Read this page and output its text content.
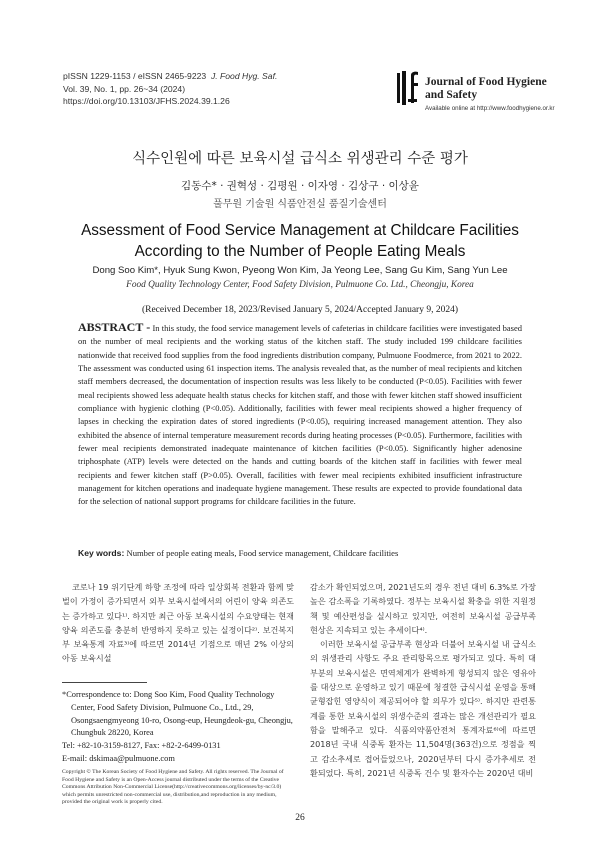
pISSN 1229-1153 / eISSN 2465-9223 J. Food Hyg. Saf.
Vol. 39, No. 1, pp. 26~34 (2024)
https://doi.org/10.13103/JFHS.2024.39.1.26
Journal of Food Hygiene
and Safety
Available online at http://www.foodhygiene.or.kr
식수인원에 따른 보육시설 급식소 위생관리 수준 평가
김동수* · 권혁성 · 김평원 · 이자영 · 김상구 · 이상윤
풀무원 기술원 식품안전실 품질기술센터
Assessment of Food Service Management at Childcare Facilities According to the Number of People Eating Meals
Dong Soo Kim*, Hyuk Sung Kwon, Pyeong Won Kim, Ja Yeong Lee, Sang Gu Kim, Sang Yun Lee
Food Quality Technology Center, Food Safety Division, Pulmuone Co. Ltd., Cheongju, Korea
(Received December 18, 2023/Revised January 5, 2024/Accepted January 9, 2024)
ABSTRACT - In this study, the food service management levels of cafeterias in childcare facilities were investigated based on the number of meal recipients and the working status of the kitchen staff. The study included 199 childcare facilities nationwide that received food supplies from the food ingredients distribution company, Pulmuone Foodmerce, from 2021 to 2022. The assessment was conducted using 61 inspection items. The analysis revealed that, as the number of meal recipients and kitchen staff members decreased, the documentation of inspection results was less likely to be conducted (P<0.05). Facilities with fewer meal recipients showed less adequate health status checks for kitchen staff, and those with fewer kitchen staff showed insufficient compliance with hygienic clothing (P<0.05). Additionally, facilities with fewer meal recipients showed a higher frequency of lapses in checking the expiration dates of stored ingredients (P<0.05), requiring increased management attention. They also exhibited the absence of internal temperature measurement records during heating processes (P<0.05). Furthermore, facilities with fewer meal recipients demonstrated inadequate maintenance of kitchen facilities (P<0.05). Significantly higher adenosine triphosphate (ATP) levels were detected on the hands and cutting boards of the kitchen staff in facilities with fewer meal recipients and fewer kitchen staff (P>0.05). Overall, facilities with fewer meal recipients exhibited insufficient infrastructure management for kitchen operations and inadequate hygiene management. These results are expected to provide foundational data for the selection of national support programs for childcare facilities in the future.
Key words: Number of people eating meals, Food service management, Childcare facilities

코로나 19 위기단계 하향 조정에 따라 일상회복 전환과 함께 맞벌이 가정이 증가되면서 외부 보육시설에서의 어린이 양육 의존도는 증가하고 있다¹⁾. 하지만 최근 아동 보육시설의 수요양태는 현재 양육 의존도를 충분히 반영하지 못하고 있는 실정이다²⁾. 보건복지부 보육통계 자료³⁾에 따르면 2014년 기점으로 매년 2% 이상의 아동 보육시설

감소가 확인되었으며, 2021년도의 경우 전년 대비 6.3%로 가장 높은 감소폭을 기록하였다. 정부는 보육시설 확충을 위한 지원정책 및 예산편성을 실시하고 있지만, 여전히 보육시설 공급부족 현상은 지속되고 있는 추세이다⁴⁾.

이러한 보육시설 공급부족 현상과 더불어 보육시설 내 급식소의 위생관리 사항도 주요 관리항목으로 평가되고 있다. 특히 대부분의 보육시설은 면역체계가 완벽하게 형성되지 않은 영유아를 대상으로 운영하고 있기 때문에 청결한 급식시설 운영을 통해 균형잡힌 영양식이 제공되어야 할 의무가 있다⁵⁾. 하지만 관련통계를 통한 보육시설의 위생수준의 결과는 많은 개선관리가 필요함을 말해주고 있다. 식품의약품안전처 통계자료⁶⁾에 따르면 2018년 국내 식중독 환자는 11,504명(363건)으로 정점을 찍고 감소추세로 접어들었으나, 2020년부터 다시 증가추세로 전환되었다. 특히, 2021년 식중독 건수 및 환자수는 2020년 대비

*Correspondence to: Dong Soo Kim, Food Quality Technology
Center, Food Safety Division, Pulmuone Co., Ltd., 29,
Osongsaengmyeong 10-ro, Osong-eup, Heungdeok-gu, Cheongju,
Chungbuk 28220, Korea
Tel: +82-10-3159-8127, Fax: +82-2-6499-0131
E-mail: dskimaa@pulmuone.com
Copyright © The Korean Society of Food Hygiene and Safety. All rights reserved. The Journal of Food Hygiene and Safety is an Open-Access journal distributed under the terms of the Creative Commons Attribution Non-Commercial License(http://creativecommons.org/licenses/by-nc/3.0) which permits unrestricted non-commercial use, distribution,and reproduction in any medium, provided the original work is properly cited.
26
